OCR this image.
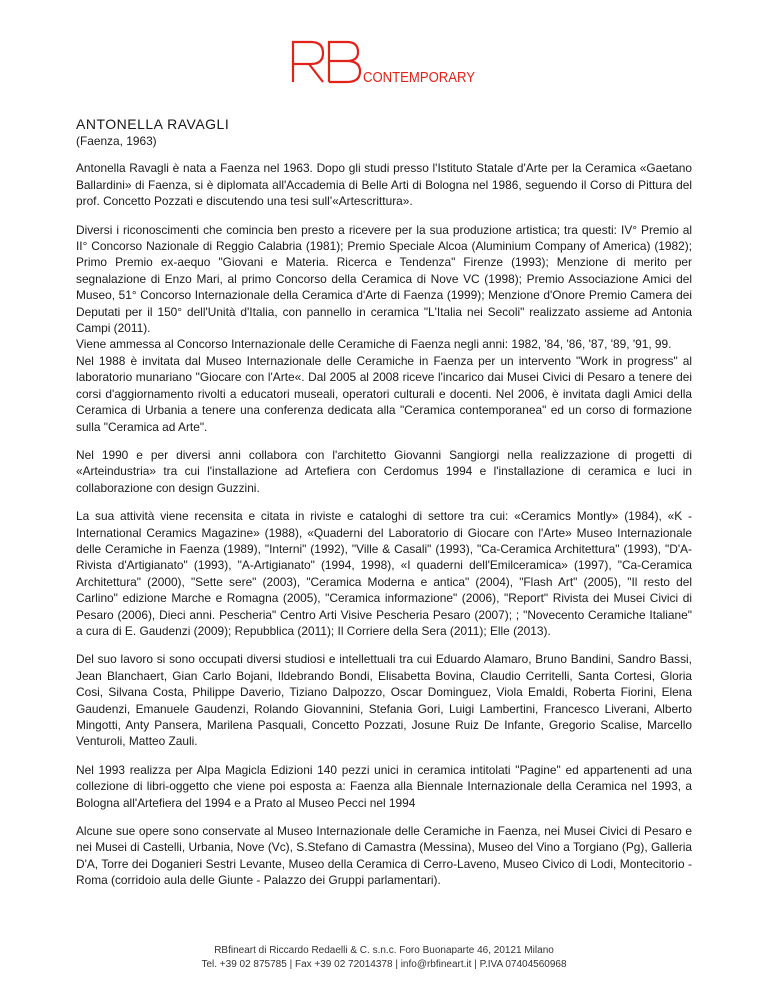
CONTEMPORARY
ANTONELLA RAVAGLI
(Faenza, 1963)

Antonella Ravagli è nata a Faenza nel 1963. Dopo gli studi presso l'Istituto Statale d'Arte per la Ceramica «Gaetano Ballardini» di Faenza, si è diplomata all'Accademia di Belle Arti di Bologna nel 1986, seguendo il Corso di Pittura del prof. Concetto Pozzati e discutendo una tesi sull'«Artescrittura».

Diversi i riconoscimenti che comincia ben presto a ricevere per la sua produzione artistica; tra questi: IV° Premio al II° Concorso Nazionale di Reggio Calabria (1981); Premio Speciale Alcoa (Aluminium Company of America) (1982); Primo Premio ex-aequo "Giovani e Materia. Ricerca e Tendenza" Firenze (1993); Menzione di merito per segnalazione di Enzo Mari, al primo Concorso della Ceramica di Nove VC (1998); Premio Associazione Amici del Museo, 51° Concorso Internazionale della Ceramica d'Arte di Faenza (1999); Menzione d'Onore Premio Camera dei Deputati per il 150° dell'Unità d'Italia, con pannello in ceramica "L'Italia nei Secoli" realizzato assieme ad Antonia Campi (2011).

Viene ammessa al Concorso Internazionale delle Ceramiche di Faenza negli anni: 1982, '84, '86, '87, '89, '91, 99.

Nel 1988 è invitata dal Museo Internazionale delle Ceramiche in Faenza per un intervento "Work in progress" al laboratorio munariano "Giocare con l'Arte«. Dal 2005 al 2008 riceve l'incarico dai Musei Civici di Pesaro a tenere dei corsi d'aggiornamento rivolti a educatori museali, operatori culturali e docenti. Nel 2006, è invitata dagli Amici della Ceramica di Urbania a tenere una conferenza dedicata alla "Ceramica contemporanea" ed un corso di formazione sulla "Ceramica ad Arte".

Nel 1990 e per diversi anni collabora con l'architetto Giovanni Sangiorgi nella realizzazione di progetti di «Arteindustria» tra cui l'installazione ad Artefiera con Cerdomus 1994 e l'installazione di ceramica e luci in collaborazione con design Guzzini.

La sua attività viene recensita e citata in riviste e cataloghi di settore tra cui: «Ceramics Montly» (1984), «K - International Ceramics Magazine» (1988), «Quaderni del Laboratorio di Giocare con l'Arte» Museo Internazionale delle Ceramiche in Faenza (1989), "Interni" (1992), "Ville & Casali" (1993), "Ca-Ceramica Architettura" (1993), "D'A-Rivista d'Artigianato" (1993), "A-Artigianato" (1994, 1998), «I quaderni dell'Emilceramica» (1997), "Ca-Ceramica Architettura" (2000), "Sette sere" (2003), "Ceramica Moderna e antica" (2004), "Flash Art" (2005), "Il resto del Carlino" edizione Marche e Romagna (2005), "Ceramica informazione" (2006), "Report" Rivista dei Musei Civici di Pesaro (2006), Dieci anni. Pescheria" Centro Arti Visive Pescheria Pesaro (2007); ; "Novecento Ceramiche Italiane" a cura di E. Gaudenzi (2009); Repubblica (2011); Il Corriere della Sera (2011); Elle (2013).

Del suo lavoro si sono occupati diversi studiosi e intellettuali tra cui Eduardo Alamaro, Bruno Bandini, Sandro Bassi, Jean Blanchaert, Gian Carlo Bojani, Ildebrando Bondi, Elisabetta Bovina, Claudio Cerritelli, Santa Cortesi, Gloria Cosi, Silvana Costa, Philippe Daverio, Tiziano Dalpozzo, Oscar Dominguez, Viola Emaldi, Roberta Fiorini, Elena Gaudenzi, Emanuele Gaudenzi, Rolando Giovannini, Stefania Gori, Luigi Lambertini, Francesco Liverani, Alberto Mingotti, Anty Pansera, Marilena Pasquali, Concetto Pozzati, Josune Ruiz De Infante, Gregorio Scalise, Marcello Venturoli, Matteo Zauli.

Nel 1993 realizza per Alpa Magicla Edizioni 140 pezzi unici in ceramica intitolati "Pagine" ed appartenenti ad una collezione di libri-oggetto che viene poi esposta a: Faenza alla Biennale Internazionale della Ceramica nel 1993, a Bologna all'Artefiera del 1994 e a Prato al Museo Pecci nel 1994

Alcune sue opere sono conservate al Museo Internazionale delle Ceramiche in Faenza, nei Musei Civici di Pesaro e nei Musei di Castelli, Urbania, Nove (Vc), S.Stefano di Camastra (Messina), Museo del Vino a Torgiano (Pg), Galleria D'A, Torre dei Doganieri Sestri Levante, Museo della Ceramica di Cerro-Laveno, Museo Civico di Lodi, Montecitorio - Roma (corridoio aula delle Giunte - Palazzo dei Gruppi parlamentari).

RBfineart di Riccardo Redaelli & C. s.n.c. Foro Buonaparte 46, 20121 Milano
Tel. +39 02 875785 | Fax +39 02 72014378 | info@rbfineart.it | P.IVA 07404560968
